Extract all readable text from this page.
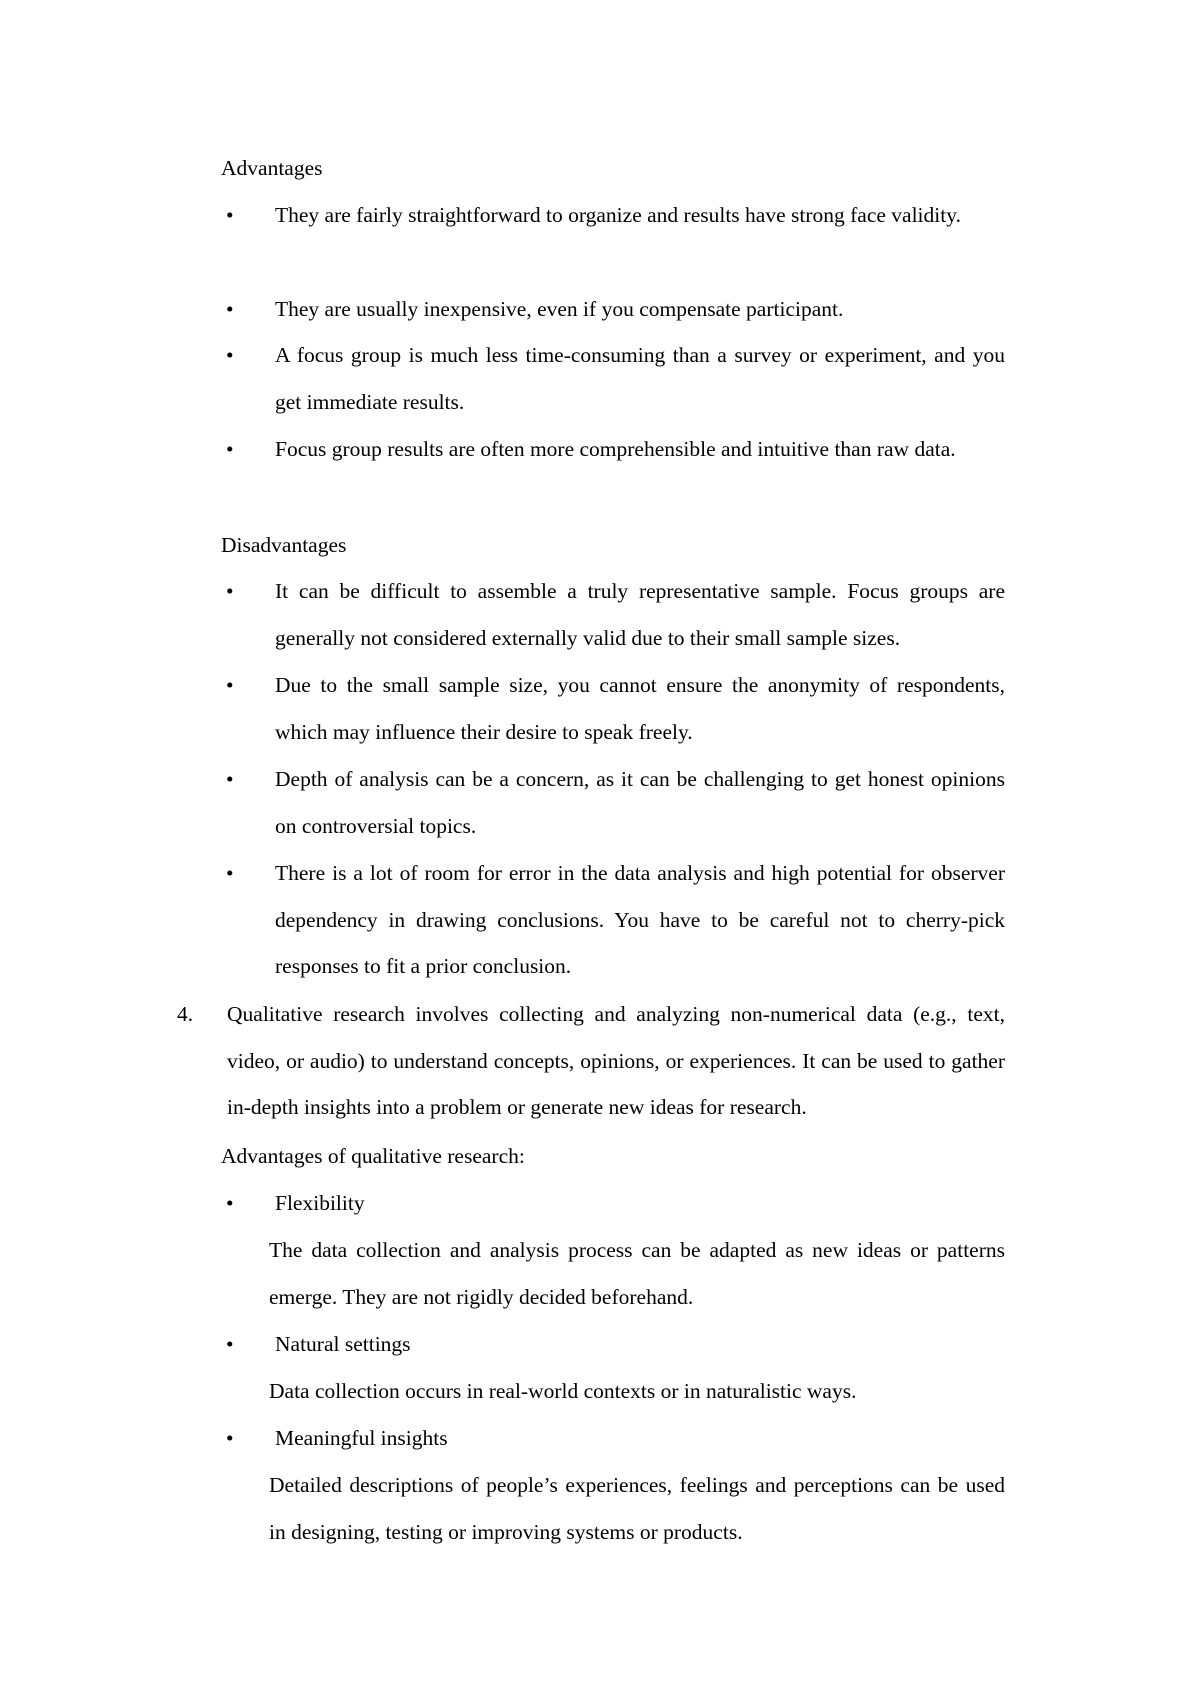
Advantages
• They are fairly straightforward to organize and results have strong face validity.
• They are usually inexpensive, even if you compensate participant.
• A focus group is much less time-consuming than a survey or experiment, and you get immediate results.
• Focus group results are often more comprehensible and intuitive than raw data.
Disadvantages
• It can be difficult to assemble a truly representative sample. Focus groups are generally not considered externally valid due to their small sample sizes.
• Due to the small sample size, you cannot ensure the anonymity of respondents, which may influence their desire to speak freely.
• Depth of analysis can be a concern, as it can be challenging to get honest opinions on controversial topics.
• There is a lot of room for error in the data analysis and high potential for observer dependency in drawing conclusions. You have to be careful not to cherry-pick responses to fit a prior conclusion.
4. Qualitative research involves collecting and analyzing non-numerical data (e.g., text, video, or audio) to understand concepts, opinions, or experiences. It can be used to gather in-depth insights into a problem or generate new ideas for research.
Advantages of qualitative research:
• Flexibility
The data collection and analysis process can be adapted as new ideas or patterns emerge. They are not rigidly decided beforehand.
• Natural settings
Data collection occurs in real-world contexts or in naturalistic ways.
• Meaningful insights
Detailed descriptions of people’s experiences, feelings and perceptions can be used in designing, testing or improving systems or products.
